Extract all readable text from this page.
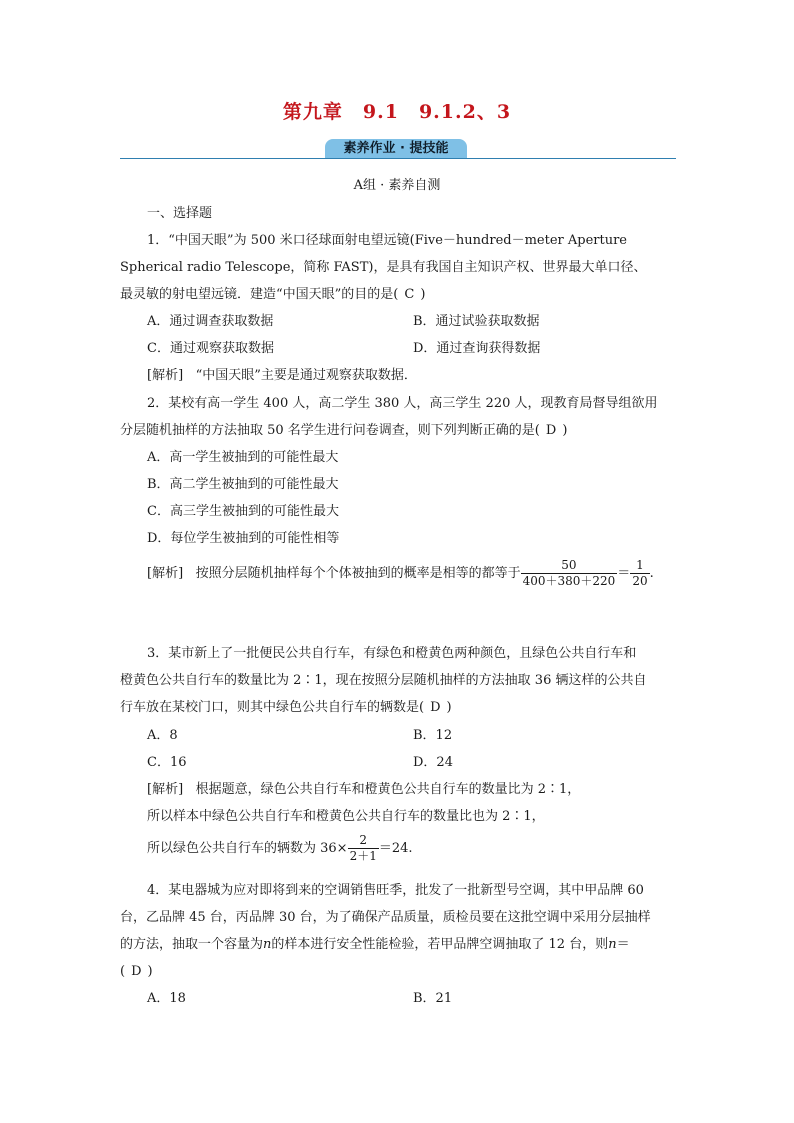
第九章　9.1　9.1.2、3
素养作业 · 提技能
A组 · 素养自测
一、选择题
1．“中国天眼”为 500 米口径球面射电望远镜(Five－hundred－meter Aperture
Spherical radio Telescope，简称 FAST)，是具有我国自主知识产权、世界最大单口径、
最灵敏的射电望远镜．建造“中国天眼”的目的是( C )
A．通过调查获取数据	B．通过试验获取数据
C．通过观察获取数据	D．通过查询获得数据
[解析] “中国天眼”主要是通过观察获取数据．
2．某校有高一学生 400 人，高二学生 380 人，高三学生 220 人，现教育局督导组欲用
分层随机抽样的方法抽取 50 名学生进行问卷调查，则下列判断正确的是( D )
A．高一学生被抽到的可能性最大
B．高二学生被抽到的可能性最大
C．高三学生被抽到的可能性最大
D．每位学生被抽到的可能性相等
[解析] 按照分层随机抽样每个个体被抽到的概率是相等的都等于 $\frac{50}{400+380+220} = \frac{1}{20}$ .
3．某市新上了一批便民公共自行车，有绿色和橙黄色两种颜色，且绿色公共自行车和
橙黄色公共自行车的数量比为 2∶1，现在按照分层随机抽样的方法抽取 36 辆这样的公共自
行车放在某校门口，则其中绿色公共自行车的辆数是( D )
A．8	B．12
C．16	D．24
[解析] 根据题意，绿色公共自行车和橙黄色公共自行车的数量比为 2∶1，
所以样本中绿色公共自行车和橙黄色公共自行车的数量比也为 2∶1，
所以绿色公共自行车的辆数为 $36\times \frac{2}{2+1} =24$.
4．某电器城为应对即将到来的空调销售旺季，批发了一批新型号空调，其中甲品牌 60
台，乙品牌 45 台，丙品牌 30 台，为了确保产品质量，质检员要在这批空调中采用分层抽样
的方法，抽取一个容量为n的样本进行安全性能检验，若甲品牌空调抽取了 12 台，则n＝
( D )
A．18	B．21
